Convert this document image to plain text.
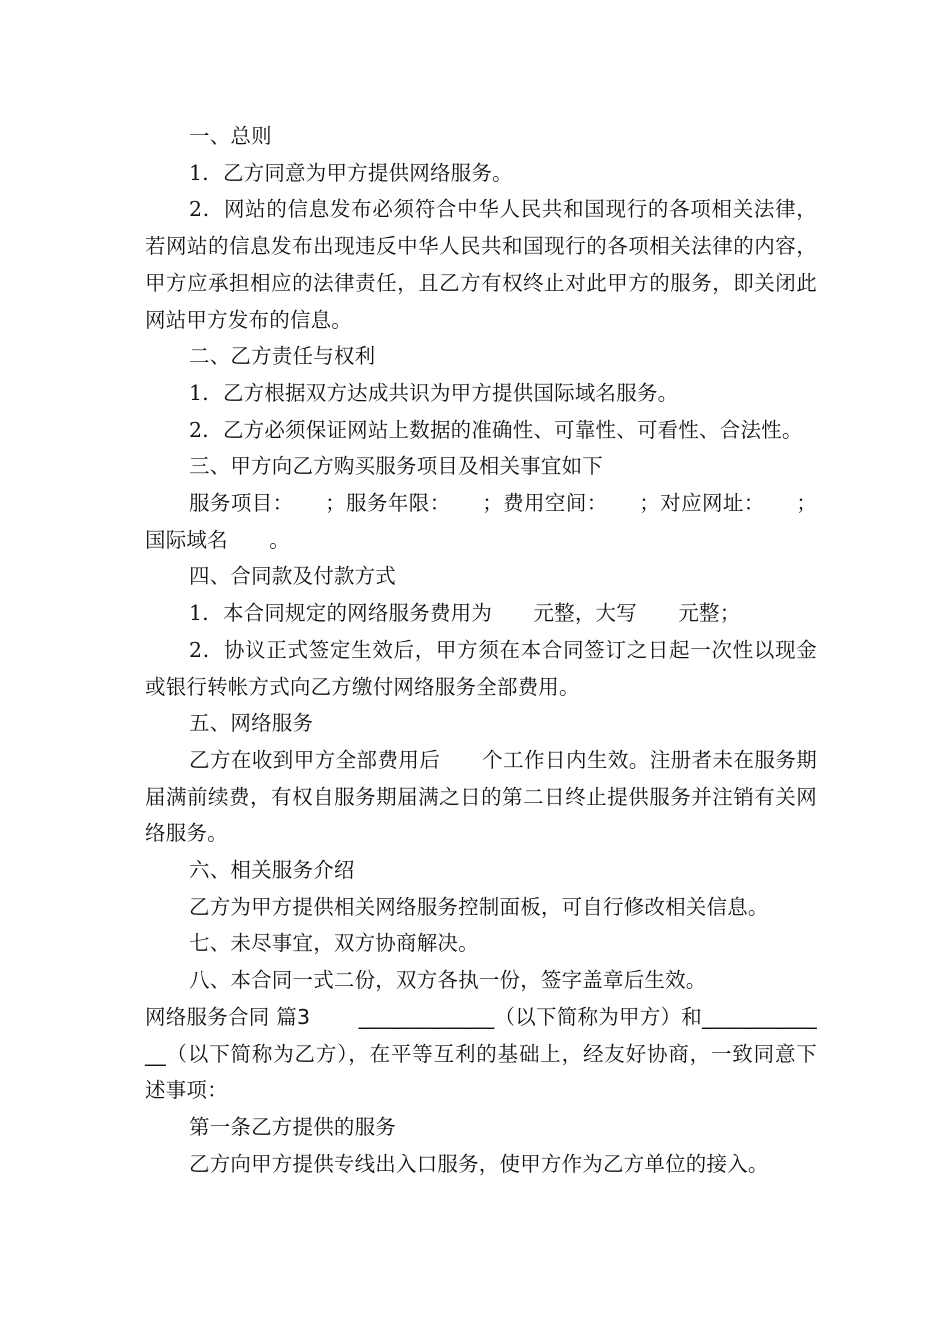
一、总则

1．乙方同意为甲方提供网络服务。

2．网站的信息发布必须符合中华人民共和国现行的各项相关法律，若网站的信息发布出现违反中华人民共和国现行的各项相关法律的内容，甲方应承担相应的法律责任，且乙方有权终止对此甲方的服务，即关闭此网站甲方发布的信息。

二、乙方责任与权利

1．乙方根据双方达成共识为甲方提供国际域名服务。

2．乙方必须保证网站上数据的准确性、可靠性、可看性、合法性。

三、甲方向乙方购买服务项目及相关事宜如下

服务项目：　　；服务年限：　　；费用空间：　　；对应网址：　　；国际域名　　。

四、合同款及付款方式

1．本合同规定的网络服务费用为　　元整，大写　　元整；

2．协议正式签定生效后，甲方须在本合同签订之日起一次性以现金或银行转帐方式向乙方缴付网络服务全部费用。

五、网络服务

乙方在收到甲方全部费用后　　个工作日内生效。注册者未在服务期届满前续费，有权自服务期届满之日的第二日终止提供服务并注销有关网络服务。

六、相关服务介绍

乙方为甲方提供相关网络服务控制面板，可自行修改相关信息。

七、未尽事宜，双方协商解决。

八、本合同一式二份，双方各执一份，签字盖章后生效。

网络服务合同 篇3　　 _____________（以下简称为甲方）和_____________（以下简称为乙方），在平等互利的基础上，经友好协商，一致同意下述事项：

第一条乙方提供的服务

乙方向甲方提供专线出入口服务，使甲方作为乙方单位的接入。
